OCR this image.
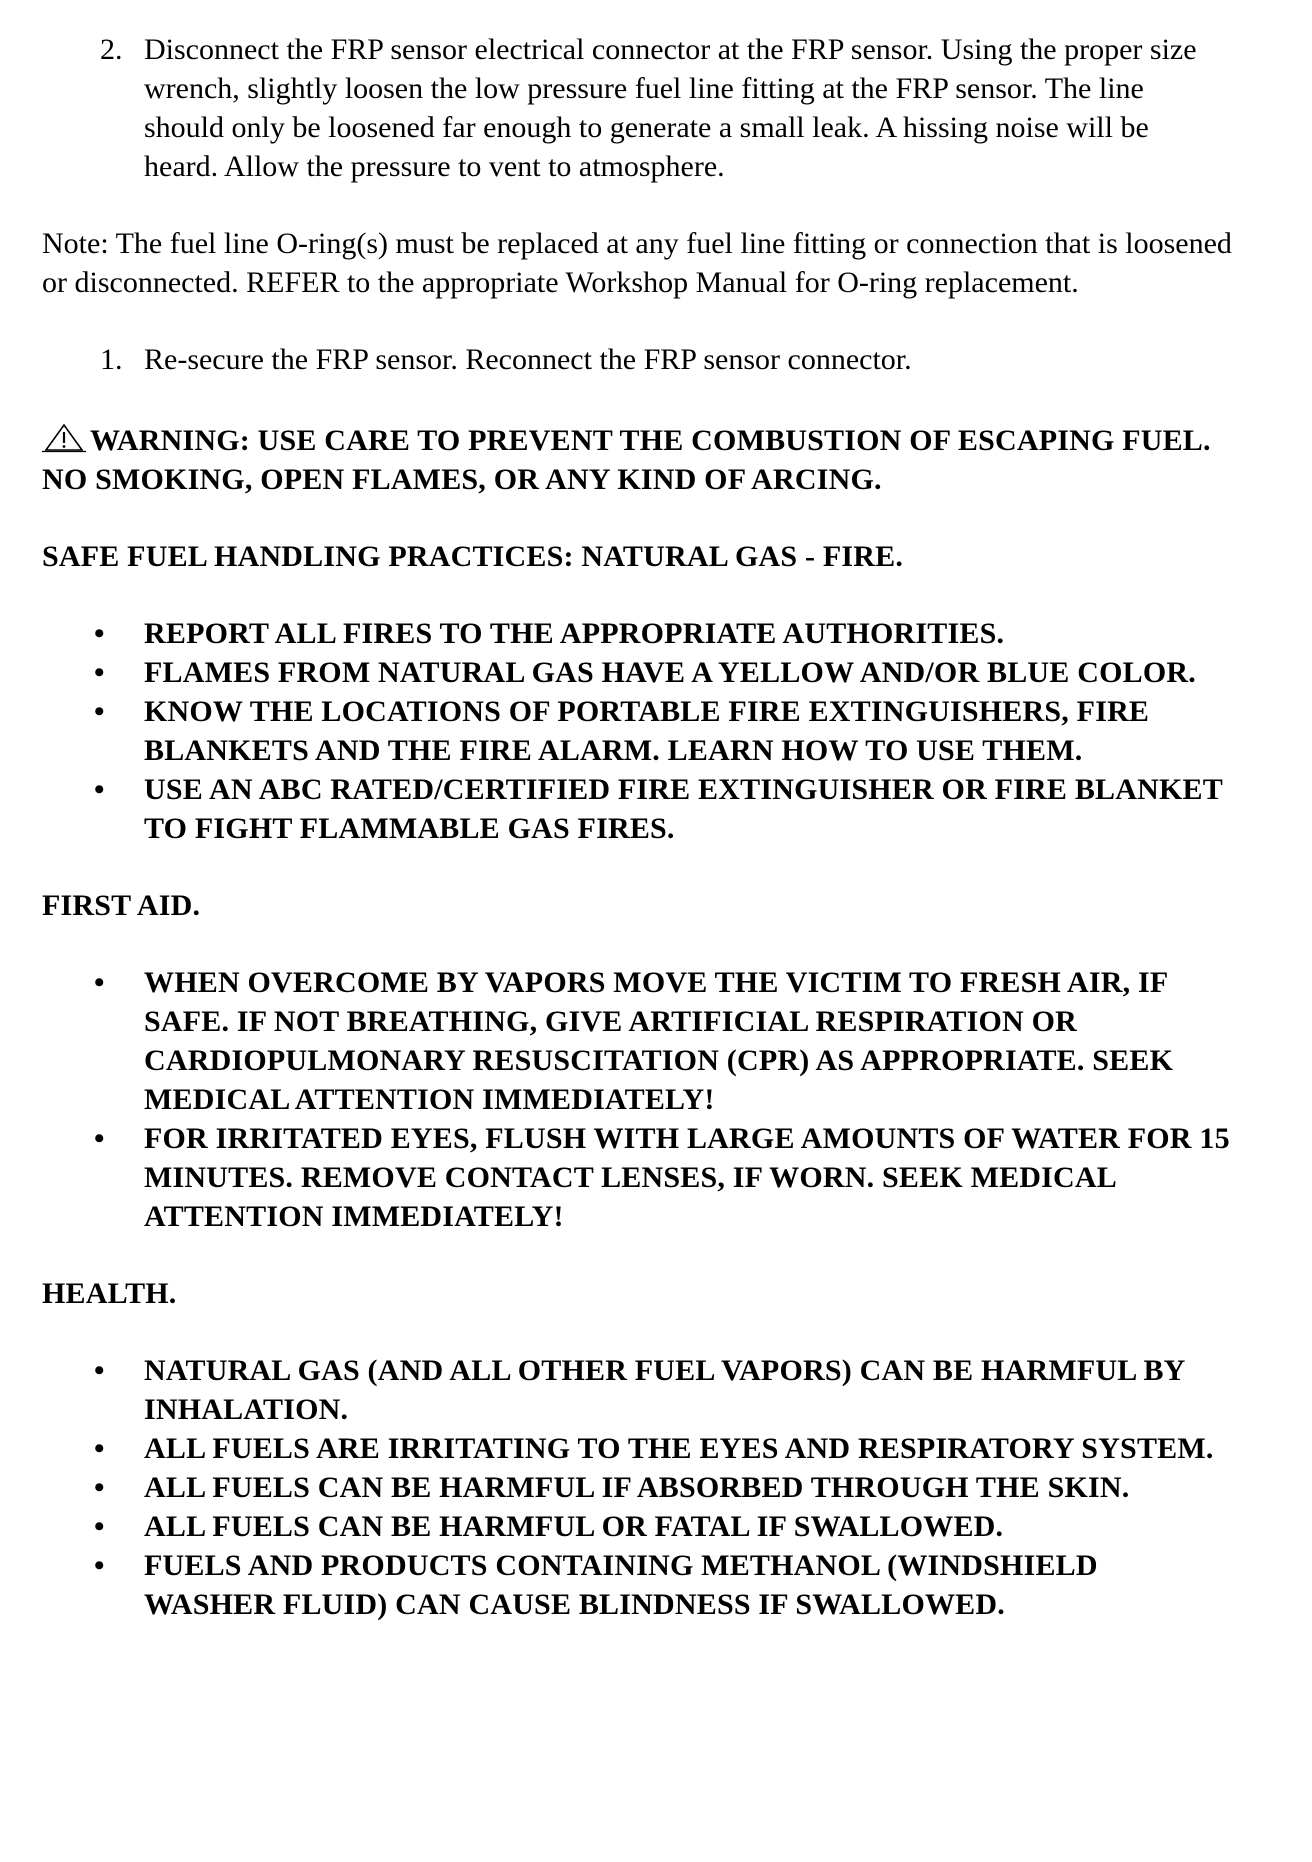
2. Disconnect the FRP sensor electrical connector at the FRP sensor. Using the proper size wrench, slightly loosen the low pressure fuel line fitting at the FRP sensor. The line should only be loosened far enough to generate a small leak. A hissing noise will be heard. Allow the pressure to vent to atmosphere.
Note: The fuel line O-ring(s) must be replaced at any fuel line fitting or connection that is loosened or disconnected. REFER to the appropriate Workshop Manual for O-ring replacement.
1. Re-secure the FRP sensor. Reconnect the FRP sensor connector.
WARNING: USE CARE TO PREVENT THE COMBUSTION OF ESCAPING FUEL. NO SMOKING, OPEN FLAMES, OR ANY KIND OF ARCING.
SAFE FUEL HANDLING PRACTICES: NATURAL GAS - FIRE.
•	REPORT ALL FIRES TO THE APPROPRIATE AUTHORITIES.
•	FLAMES FROM NATURAL GAS HAVE A YELLOW AND/OR BLUE COLOR.
•	KNOW THE LOCATIONS OF PORTABLE FIRE EXTINGUISHERS, FIRE BLANKETS AND THE FIRE ALARM. LEARN HOW TO USE THEM.
•	USE AN ABC RATED/CERTIFIED FIRE EXTINGUISHER OR FIRE BLANKET TO FIGHT FLAMMABLE GAS FIRES.
FIRST AID.
•	WHEN OVERCOME BY VAPORS MOVE THE VICTIM TO FRESH AIR, IF SAFE. IF NOT BREATHING, GIVE ARTIFICIAL RESPIRATION OR CARDIOPULMONARY RESUSCITATION (CPR) AS APPROPRIATE. SEEK MEDICAL ATTENTION IMMEDIATELY!
•	FOR IRRITATED EYES, FLUSH WITH LARGE AMOUNTS OF WATER FOR 15 MINUTES. REMOVE CONTACT LENSES, IF WORN. SEEK MEDICAL ATTENTION IMMEDIATELY!
HEALTH.
•	NATURAL GAS (AND ALL OTHER FUEL VAPORS) CAN BE HARMFUL BY INHALATION.
•	ALL FUELS ARE IRRITATING TO THE EYES AND RESPIRATORY SYSTEM.
•	ALL FUELS CAN BE HARMFUL IF ABSORBED THROUGH THE SKIN.
•	ALL FUELS CAN BE HARMFUL OR FATAL IF SWALLOWED.
•	FUELS AND PRODUCTS CONTAINING METHANOL (WINDSHIELD WASHER FLUID) CAN CAUSE BLINDNESS IF SWALLOWED.
